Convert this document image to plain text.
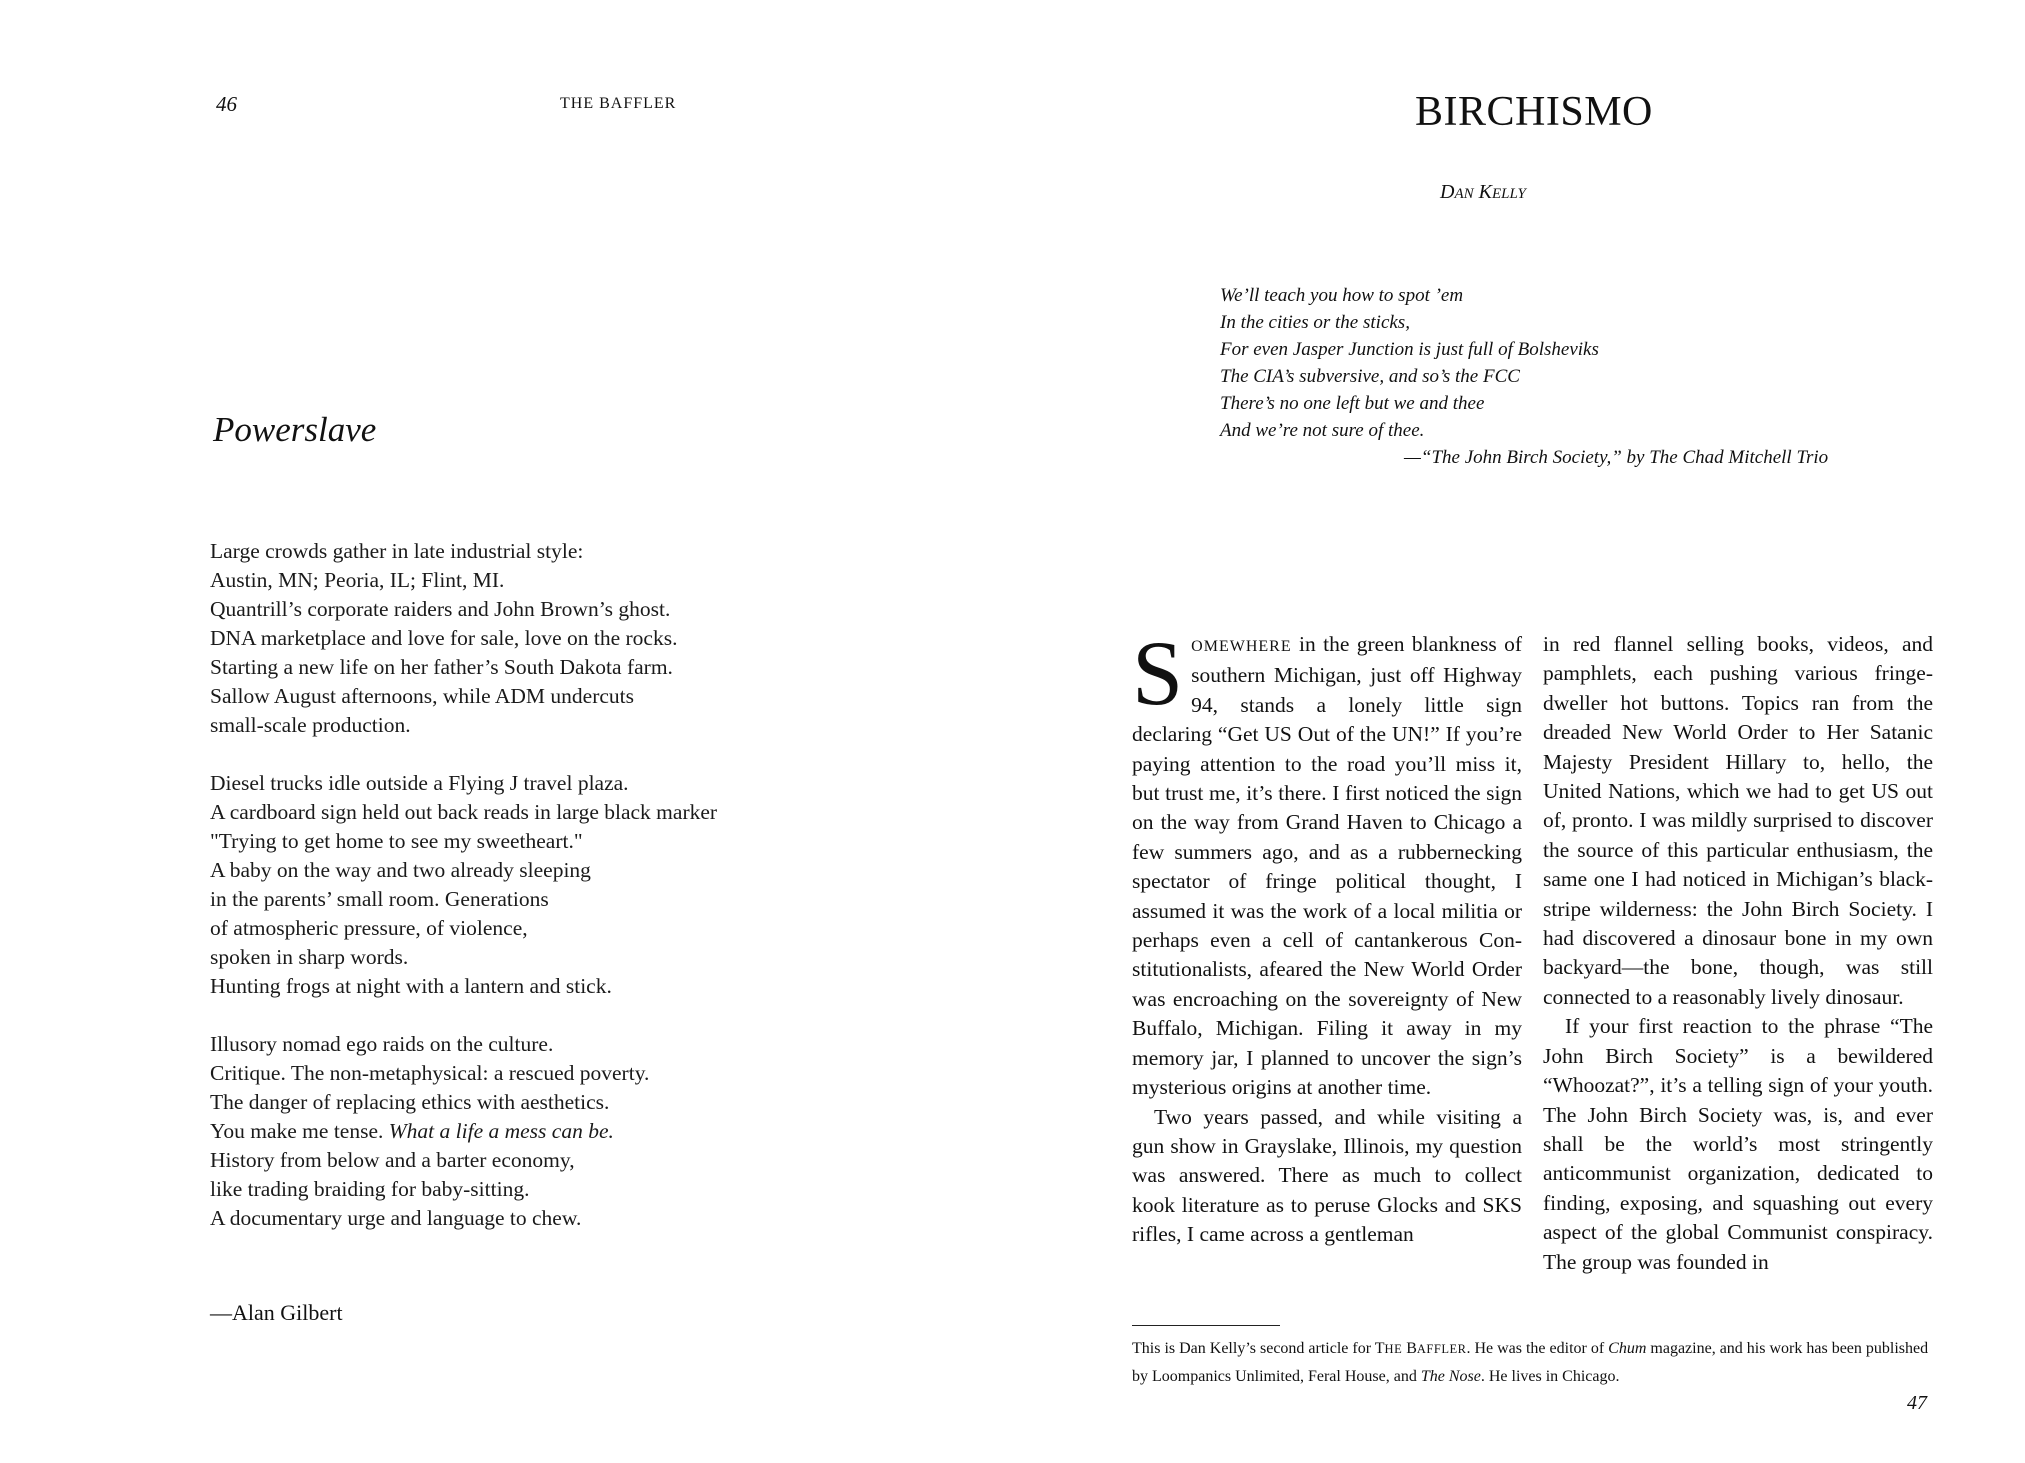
46	THE BAFFLER
Powerslave
Large crowds gather in late industrial style:
Austin, MN; Peoria, IL; Flint, MI.
Quantrill’s corporate raiders and John Brown’s ghost.
DNA marketplace and love for sale, love on the rocks.
Starting a new life on her father’s South Dakota farm.
Sallow August afternoons, while ADM undercuts
small-scale production.
Diesel trucks idle outside a Flying J travel plaza.
A cardboard sign held out back reads in large black marker
"Trying to get home to see my sweetheart."
A baby on the way and two already sleeping
in the parents’ small room. Generations
of atmospheric pressure, of violence,
spoken in sharp words.
Hunting frogs at night with a lantern and stick.
Illusory nomad ego raids on the culture.
Critique. The non-metaphysical: a rescued poverty.
The danger of replacing ethics with aesthetics.
You make me tense. What a life a mess can be.
History from below and a barter economy,
like trading braiding for baby-sitting.
A documentary urge and language to chew.
—Alan Gilbert
BIRCHISMO
DAN KELLY
We’ll teach you how to spot ’em
In the cities or the sticks,
For even Jasper Junction is just full of Bolsheviks
The CIA’s subversive, and so’s the FCC
There’s no one left but we and thee
And we’re not sure of thee.
—“The John Birch Society,” by The Chad Mitchell Trio

SOMEWHERE in the green blankness of southern Michigan, just off Highway 94, stands a lonely little sign declaring “Get US Out of the UN!” If you’re paying attention to the road you’ll miss it, but trust me, it’s there. I first noticed the sign on the way from Grand Haven to Chicago a few summers ago, and as a rubbernecking spectator of fringe political thought, I assumed it was the work of a local militia or perhaps even a cell of cantankerous Constitutionalists, afeared the New World Order was encroaching on the sovereignty of New Buffalo, Michigan. Filing it away in my memory jar, I planned to uncover the sign’s mysterious origins at another time.

Two years passed, and while visiting a gun show in Grayslake, Illinois, my question was answered. There as much to collect kook literature as to peruse Glocks and SKS rifles, I came across a gentleman

in red flannel selling books, videos, and pamphlets, each pushing various fringe-dweller hot buttons. Topics ran from the dreaded New World Order to Her Satanic Majesty President Hillary to, hello, the United Nations, which we had to get US out of, pronto. I was mildly surprised to discover the source of this particular enthusiasm, the same one I had noticed in Michigan’s black-stripe wilderness: the John Birch Society. I had discovered a dinosaur bone in my own backyard—the bone, though, was still connected to a reasonably lively dinosaur.

If your first reaction to the phrase “The John Birch Society” is a bewildered “Whoozat?”, it’s a telling sign of your youth. The John Birch Society was, is, and ever shall be the world’s most stringently anticommunist organization, dedicated to finding, exposing, and squashing out every aspect of the global Communist conspiracy. The group was founded in

This is Dan Kelly’s second article for THE BAFFLER. He was the editor of Chum magazine, and his work has been published by Loompanics Unlimited, Feral House, and The Nose. He lives in Chicago.
47
